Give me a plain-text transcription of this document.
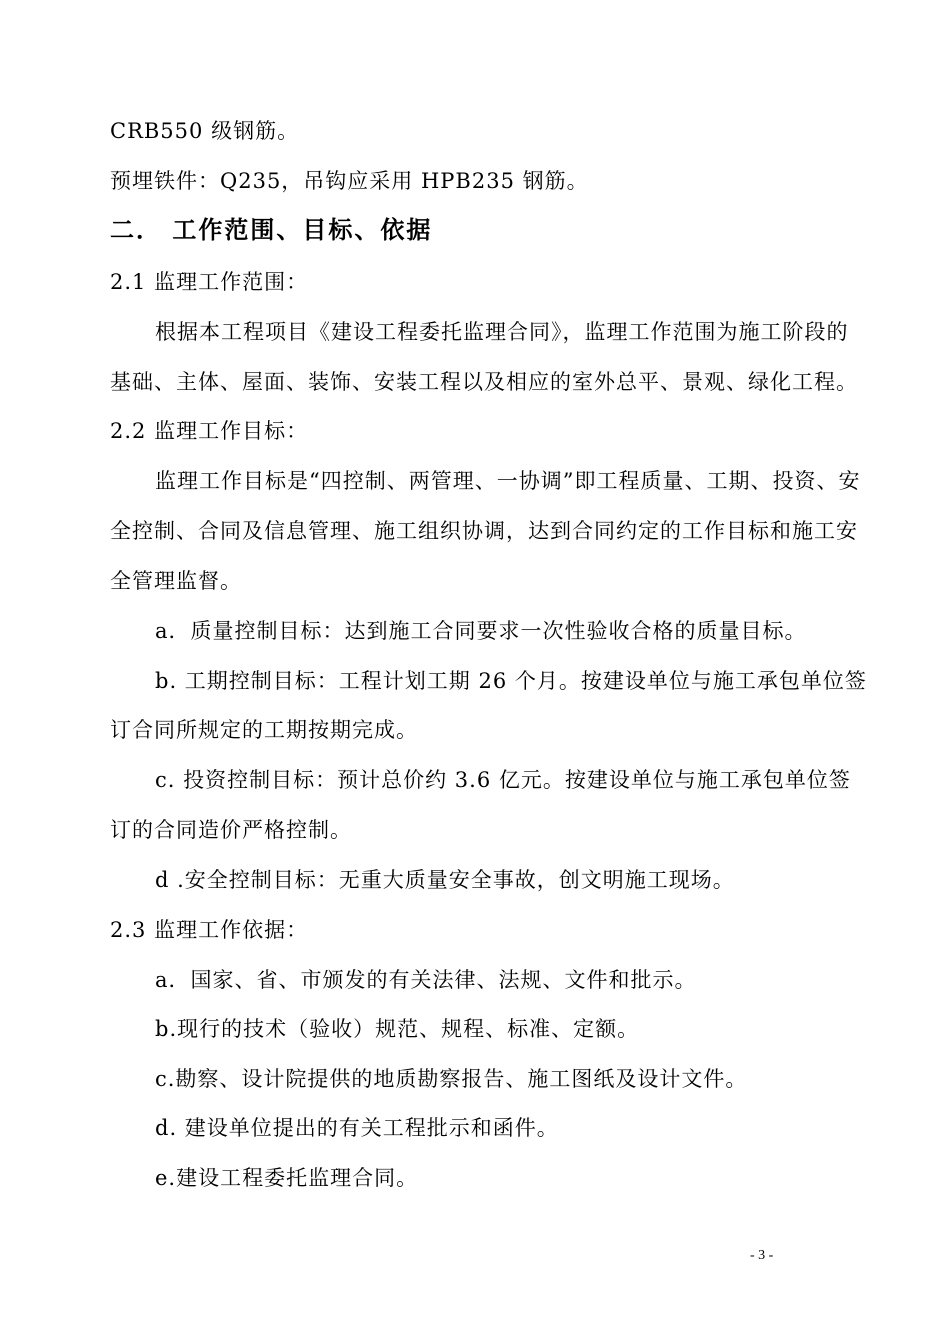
CRB550 级钢筋。
预埋铁件：Q235，吊钩应采用 HPB235 钢筋。
二． 工作范围、目标、依据
2.1 监理工作范围：
根据本工程项目《建设工程委托监理合同》，监理工作范围为施工阶段的
基础、主体、屋面、装饰、安装工程以及相应的室外总平、景观、绿化工程。
2.2 监理工作目标：
监理工作目标是“四控制、两管理、一协调”即工程质量、工期、投资、安
全控制、合同及信息管理、施工组织协调，达到合同约定的工作目标和施工安
全管理监督。
a．质量控制目标：达到施工合同要求一次性验收合格的质量目标。
b. 工期控制目标：工程计划工期 26 个月。按建设单位与施工承包单位签
订合同所规定的工期按期完成。
c. 投资控制目标：预计总价约 3.6 亿元。按建设单位与施工承包单位签
订的合同造价严格控制。
d .安全控制目标：无重大质量安全事故，创文明施工现场。
2.3 监理工作依据：
a．国家、省、市颁发的有关法律、法规、文件和批示。
b.现行的技术（验收）规范、规程、标准、定额。
c.勘察、设计院提供的地质勘察报告、施工图纸及设计文件。
d. 建设单位提出的有关工程批示和函件。
e.建设工程委托监理合同。
- 3 -
